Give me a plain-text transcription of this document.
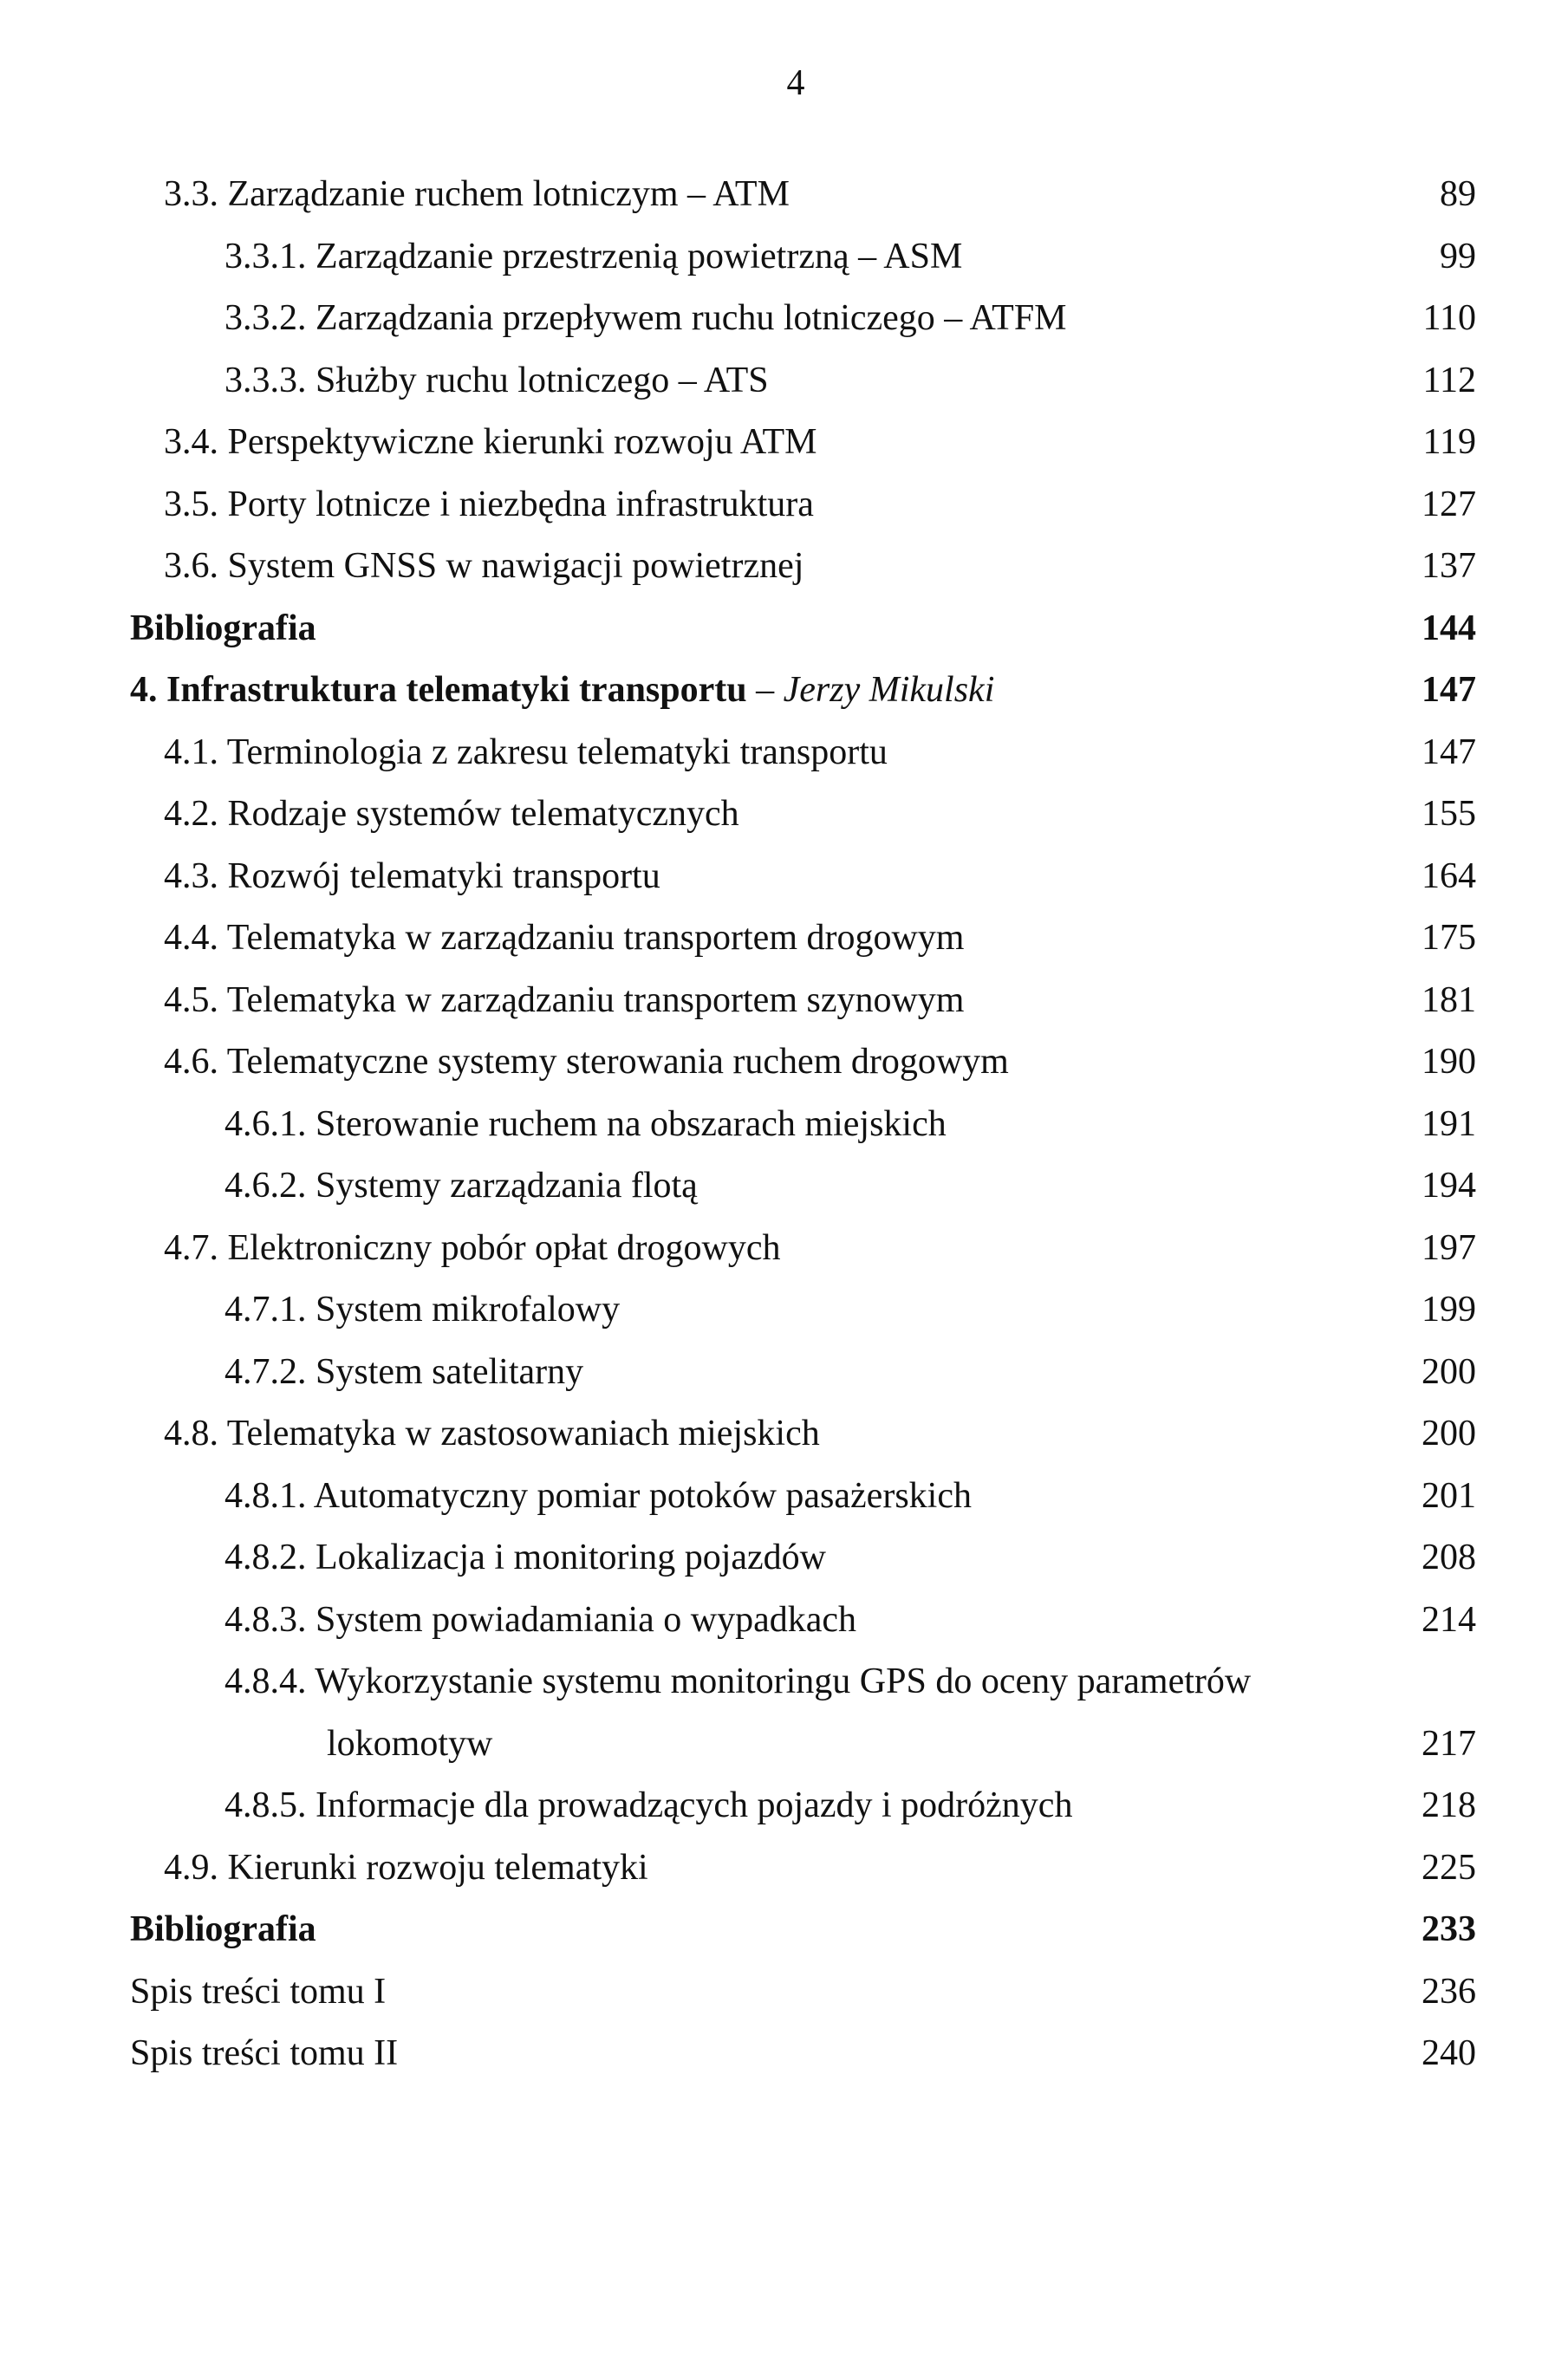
4
3.3. Zarządzanie ruchem lotniczym – ATM	89
3.3.1. Zarządzanie przestrzenią powietrzną – ASM	99
3.3.2. Zarządzania przepływem ruchu lotniczego – ATFM	110
3.3.3. Służby ruchu lotniczego – ATS	112
3.4. Perspektywiczne kierunki rozwoju ATM	119
3.5. Porty lotnicze i niezbędna infrastruktura	127
3.6. System GNSS w nawigacji powietrznej	137
Bibliografia	144
4. Infrastruktura telematyki transportu – Jerzy Mikulski	147
4.1. Terminologia z zakresu telematyki transportu	147
4.2. Rodzaje systemów telematycznych	155
4.3. Rozwój telematyki transportu	164
4.4. Telematyka w zarządzaniu transportem drogowym	175
4.5. Telematyka w zarządzaniu transportem szynowym	181
4.6. Telematyczne systemy sterowania ruchem drogowym	190
4.6.1. Sterowanie ruchem na obszarach miejskich	191
4.6.2. Systemy zarządzania flotą	194
4.7. Elektroniczny pobór opłat drogowych	197
4.7.1. System mikrofalowy	199
4.7.2. System satelitarny	200
4.8. Telematyka w zastosowaniach miejskich	200
4.8.1. Automatyczny pomiar potoków pasażerskich	201
4.8.2. Lokalizacja i monitoring pojazdów	208
4.8.3. System powiadamiania o wypadkach	214
4.8.4. Wykorzystanie systemu monitoringu GPS do oceny parametrów
lokomotyw	217
4.8.5. Informacje dla prowadzących pojazdy i podróżnych	218
4.9. Kierunki rozwoju telematyki	225
Bibliografia	233
Spis treści tomu I	236
Spis treści tomu II	240
